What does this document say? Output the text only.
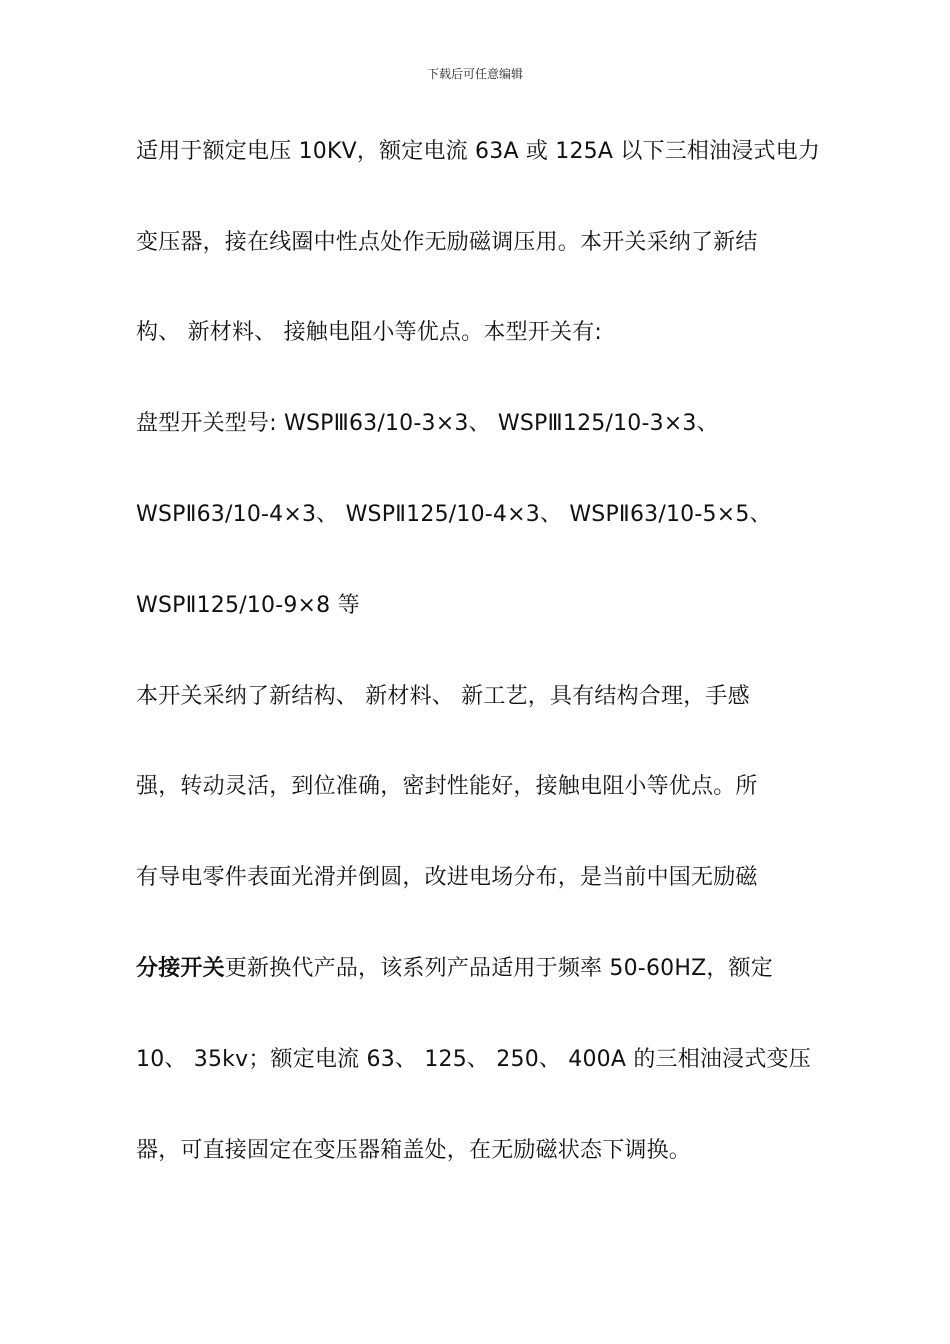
下载后可任意编辑
适用于额定电压 10KV，额定电流 63A 或 125A 以下三相油浸式电力
变压器，接在线圈中性点处作无励磁调压用。本开关采纳了新结
构、 新材料、 接触电阻小等优点。本型开关有:
盘型开关型号: WSPⅢ63/10-3×3、 WSPⅢ125/10-3×3、
WSPⅡ63/10-4×3、 WSPⅡ125/10-4×3、 WSPⅡ63/10-5×5、
WSPⅡ125/10-9×8 等
本开关采纳了新结构、 新材料、 新工艺，具有结构合理，手感
强，转动灵活，到位准确，密封性能好，接触电阻小等优点。所
有导电零件表面光滑并倒圆，改进电场分布，是当前中国无励磁
分接开关更新换代产品，该系列产品适用于频率 50-60HZ，额定
10、 35kv；额定电流 63、 125、 250、 400A 的三相油浸式变压
器，可直接固定在变压器箱盖处，在无励磁状态下调换。
